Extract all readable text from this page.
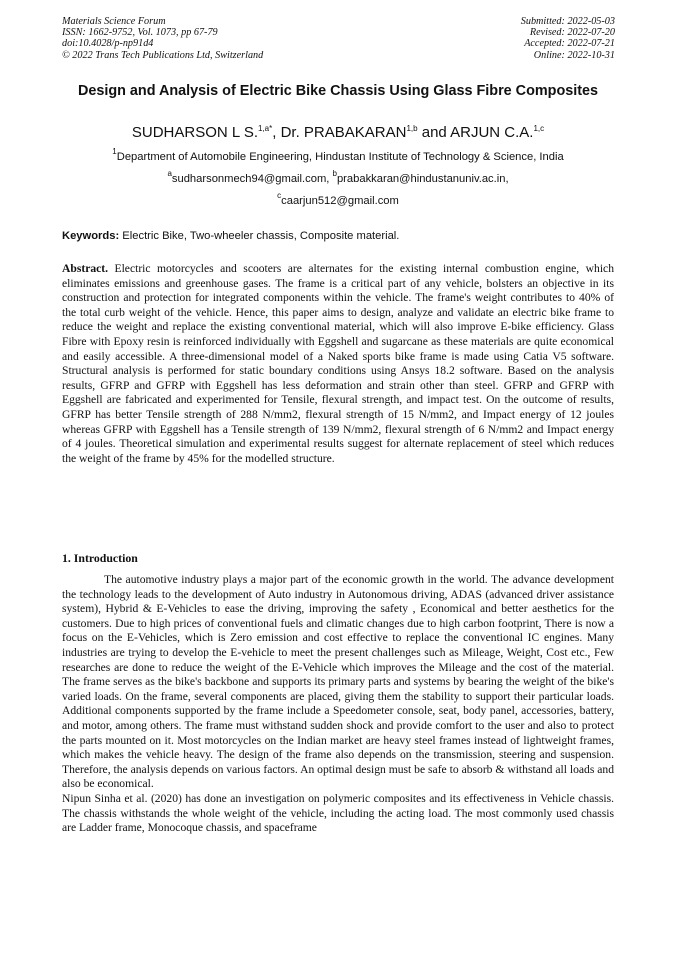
Materials Science Forum
ISSN: 1662-9752, Vol. 1073, pp 67-79
doi:10.4028/p-np91d4
© 2022 Trans Tech Publications Ltd, Switzerland
Submitted: 2022-05-03
Revised: 2022-07-20
Accepted: 2022-07-21
Online: 2022-10-31
Design and Analysis of Electric Bike Chassis Using Glass Fibre Composites
SUDHARSON L S.$^{1,a*}$, Dr. PRABAKARAN$^{1,b}$ and ARJUN C.A.$^{1,c}$
$^1$Department of Automobile Engineering, Hindustan Institute of Technology & Science, India
$^a$sudharsonmech94@gmail.com, $^b$prabakkaran@hindustanuniv.ac.in,
$^c$caarjun512@gmail.com
Keywords: Electric Bike, Two-wheeler chassis, Composite material.
Abstract. Electric motorcycles and scooters are alternates for the existing internal combustion engine, which eliminates emissions and greenhouse gases. The frame is a critical part of any vehicle, bolsters an objective in its construction and protection for integrated components within the vehicle. The frame's weight contributes to 40% of the total curb weight of the vehicle. Hence, this paper aims to design, analyze and validate an electric bike frame to reduce the weight and replace the existing conventional material, which will also improve E-bike efficiency. Glass Fibre with Epoxy resin is reinforced individually with Eggshell and sugarcane as these materials are quite economical and easily accessible. A three-dimensional model of a Naked sports bike frame is made using Catia V5 software. Structural analysis is performed for static boundary conditions using Ansys 18.2 software. Based on the analysis results, GFRP and GFRP with Eggshell has less deformation and strain other than steel. GFRP and GFRP with Eggshell are fabricated and experimented for Tensile, flexural strength, and impact test. On the outcome of results, GFRP has better Tensile strength of 288 N/mm2, flexural strength of 15 N/mm2, and Impact energy of 12 joules whereas GFRP with Eggshell has a Tensile strength of 139 N/mm2, flexural strength of 6 N/mm2 and Impact energy of 4 joules. Theoretical simulation and experimental results suggest for alternate replacement of steel which reduces the weight of the frame by 45% for the modelled structure.
1. Introduction

The automotive industry plays a major part of the economic growth in the world. The advance development the technology leads to the development of Auto industry in Autonomous driving, ADAS (advanced driver assistance system), Hybrid & E-Vehicles to ease the driving, improving the safety , Economical and better aesthetics for the customers. Due to high prices of conventional fuels and climatic changes due to high carbon footprint, There is now a focus on the E-Vehicles, which is Zero emission and cost effective to replace the conventional IC engines. Many industries are trying to develop the E-vehicle to meet the present challenges such as Mileage, Weight, Cost etc., Few researches are done to reduce the weight of the E-Vehicle which improves the Mileage and the cost of the material. The frame serves as the bike's backbone and supports its primary parts and systems by bearing the weight of the bike's varied loads. On the frame, several components are placed, giving them the stability to support their particular loads. Additional components supported by the frame include a Speedometer console, seat, body panel, accessories, battery, and motor, among others. The frame must withstand sudden shock and provide comfort to the user and also to protect the parts mounted on it. Most motorcycles on the Indian market are heavy steel frames instead of lightweight frames, which makes the vehicle heavy. The design of the frame also depends on the transmission, steering and suspension. Therefore, the analysis depends on various factors. An optimal design must be safe to absorb & withstand all loads and also be economical.

Nipun Sinha et al. (2020) has done an investigation on polymeric composites and its effectiveness in Vehicle chassis. The chassis withstands the whole weight of the vehicle, including the acting load. The most commonly used chassis are Ladder frame, Monocoque chassis, and spaceframe
